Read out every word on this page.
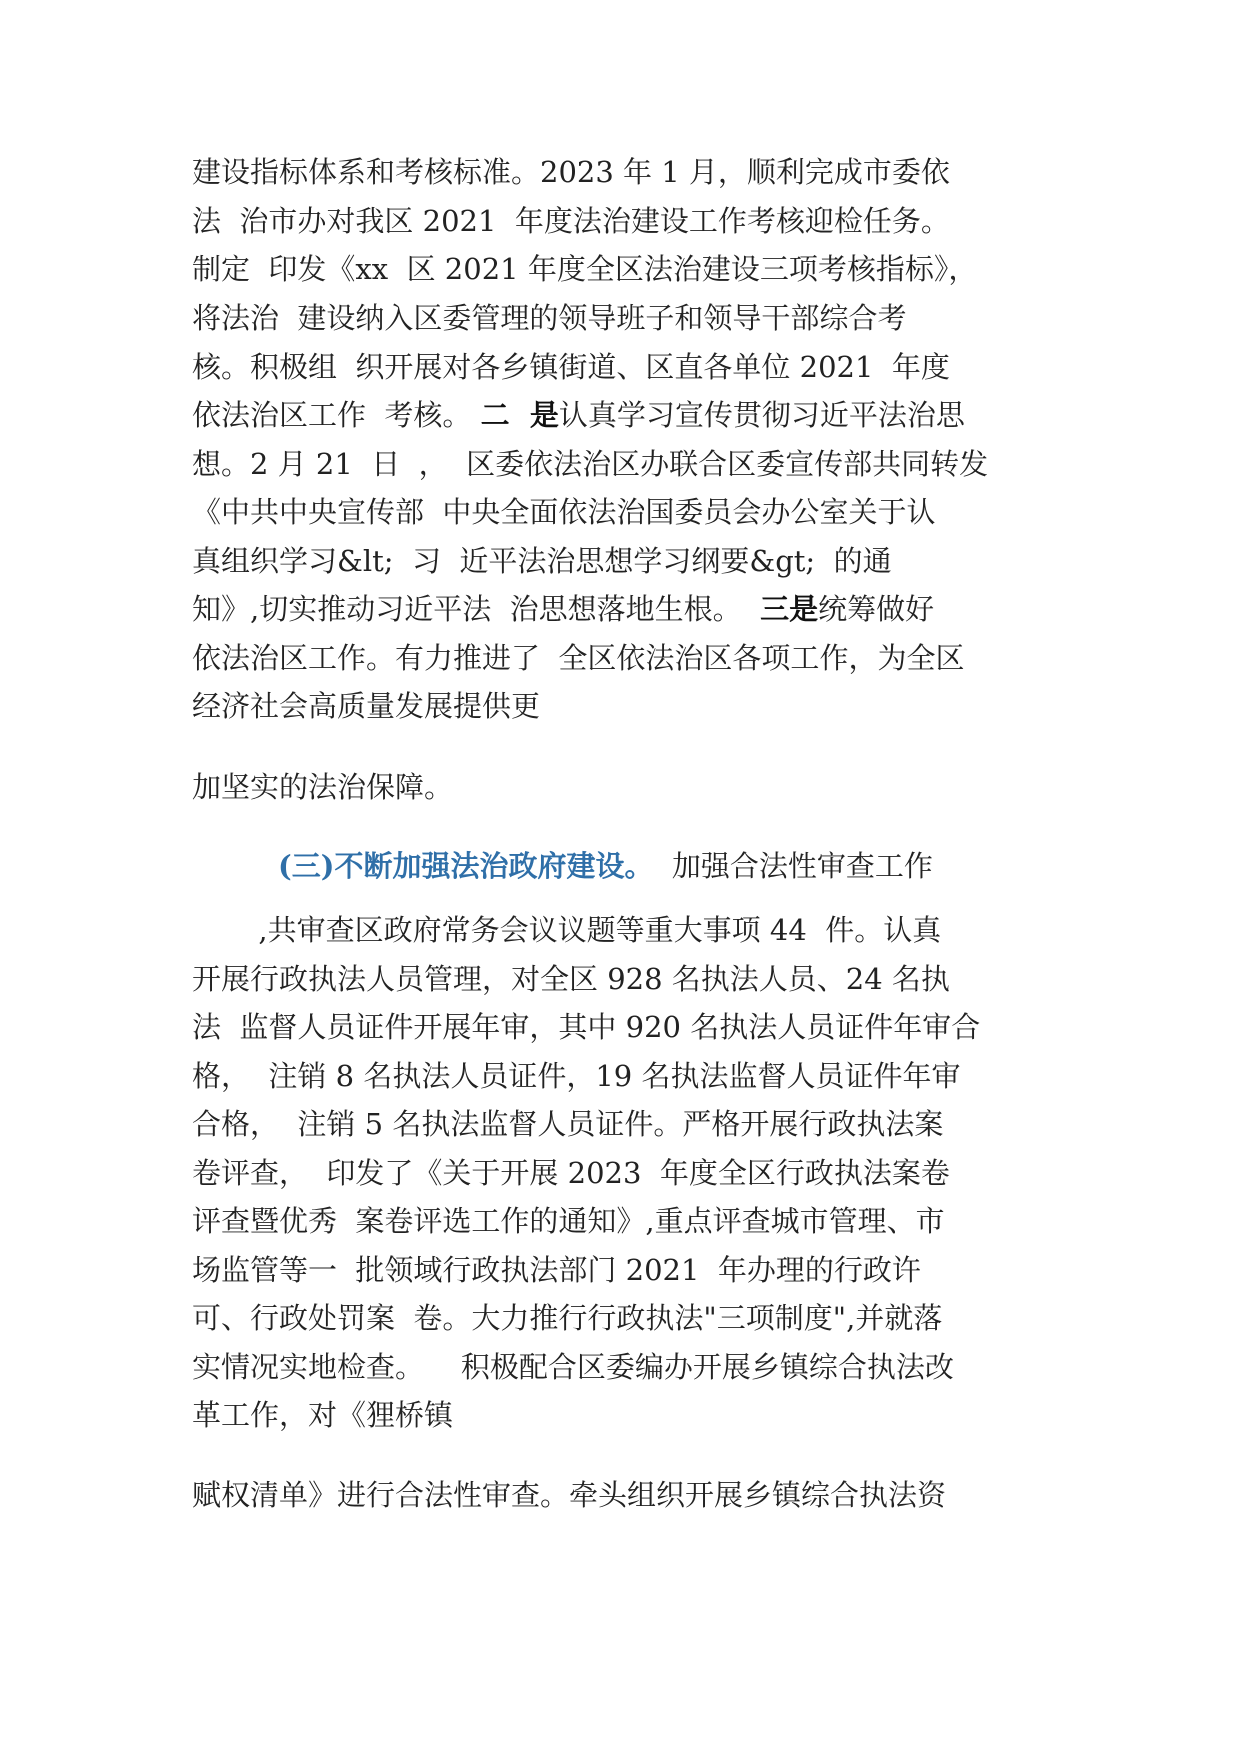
建设指标体系和考核标准。2023 年 1 月，顺利完成市委依
法  治市办对我区 2021  年度法治建设工作考核迎检任务。
制定  印发《xx  区 2021 年度全区法治建设三项考核指标》，
将法治  建设纳入区委管理的领导班子和领导干部综合考
核。积极组  织开展对各乡镇街道、区直各单位 2021  年度
依法治区工作  考核。 二  是认真学习宣传贯彻习近平法治思
想。2 月 21  日  ，  区委依法治区办联合区委宣传部共同转发
《中共中央宣传部  中央全面依法治国委员会办公室关于认
真组织学习&lt;  习  近平法治思想学习纲要&gt;  的通
知》,切实推动习近平法  治思想落地生根。  三是统筹做好
依法治区工作。有力推进了  全区依法治区各项工作，为全区
经济社会高质量发展提供更
加坚实的法治保障。
(三)不断加强法治政府建设。  加强合法性审查工作
,共审查区政府常务会议议题等重大事项 44  件。认真
开展行政执法人员管理，对全区 928 名执法人员、24 名执
法  监督人员证件开展年审，其中 920 名执法人员证件年审合
格，  注销 8 名执法人员证件，19 名执法监督人员证件年审
合格，  注销 5 名执法监督人员证件。严格开展行政执法案
卷评查，  印发了《关于开展 2023  年度全区行政执法案卷
评查暨优秀  案卷评选工作的通知》,重点评查城市管理、市
场监管等一  批领域行政执法部门 2021  年办理的行政许
可、行政处罚案  卷。大力推行行政执法"三项制度",并就落
实情况实地检查。    积极配合区委编办开展乡镇综合执法改
革工作，对《狸桥镇
赋权清单》进行合法性审查。牵头组织开展乡镇综合执法资
